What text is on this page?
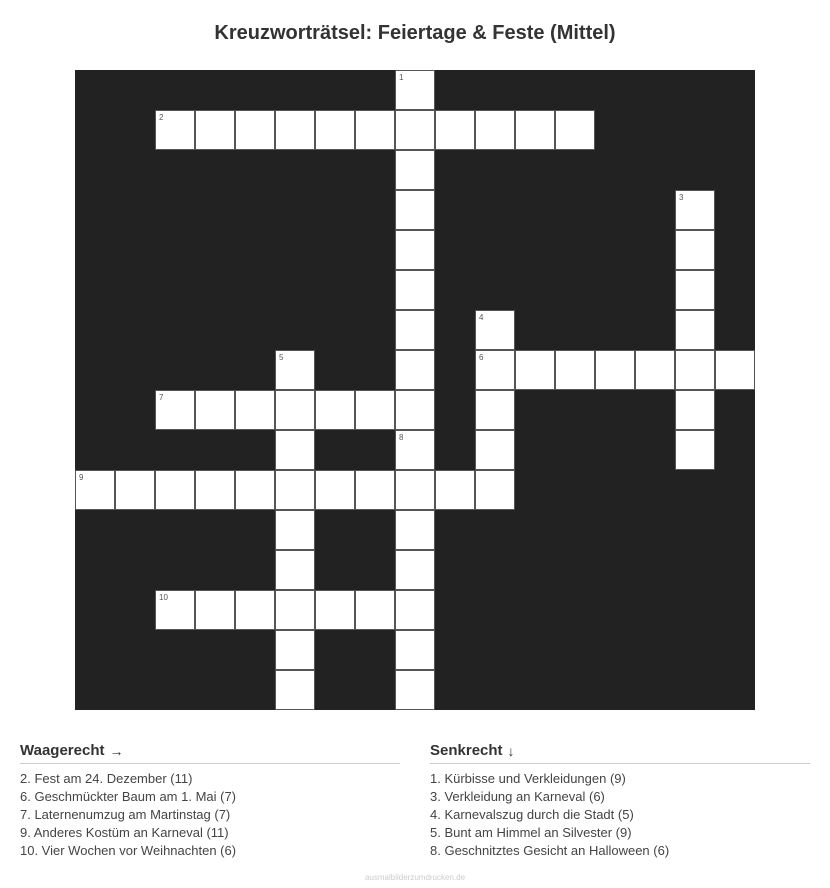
Kreuzworträtsel: Feiertage & Feste (Mittel)
1
2
3
4
5	6
7
8
9
10
Waagerecht →
2. Fest am 24. Dezember (11)
6. Geschmückter Baum am 1. Mai (7)
7. Laternenumzug am Martinstag (7)
9. Anderes Kostüm an Karneval (11)
10. Vier Wochen vor Weihnachten (6)
Senkrecht ↓
1. Kürbisse und Verkleidungen (9)
3. Verkleidung an Karneval (6)
4. Karnevalszug durch die Stadt (5)
5. Bunt am Himmel an Silvester (9)
8. Geschnitztes Gesicht an Halloween (6)
ausmalbilderzumdrucken.de
